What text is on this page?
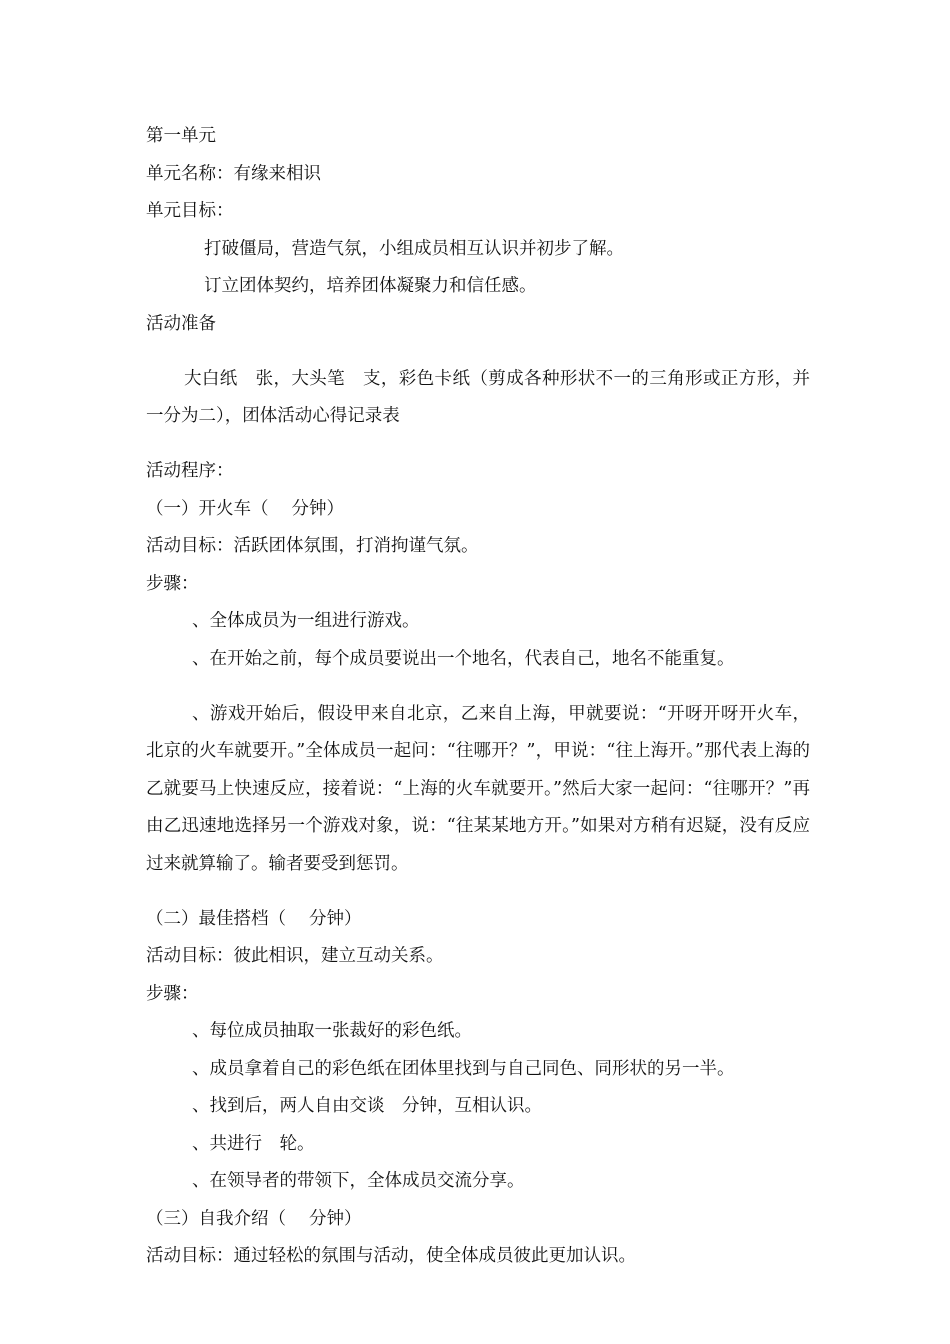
第一单元

单元名称：有缘来相识

单元目标：

打破僵局，营造气氛，小组成员相互认识并初步了解。

订立团体契约，培养团体凝聚力和信任感。

活动准备

大白纸　张，大头笔　支，彩色卡纸（剪成各种形状不一的三角形或正方形，并一分为二），团体活动心得记录表

活动程序：

（一）开火车（　 分钟）

活动目标：活跃团体氛围，打消拘谨气氛。

步骤：

、全体成员为一组进行游戏。

、在开始之前，每个成员要说出一个地名，代表自己，地名不能重复。

、游戏开始后，假设甲来自北京，乙来自上海，甲就要说：“开呀开呀开火车，北京的火车就要开。”全体成员一起问：“往哪开？”，甲说：“往上海开。”那代表上海的乙就要马上快速反应，接着说：“上海的火车就要开。”然后大家一起问：“往哪开？”再由乙迅速地选择另一个游戏对象，说：“往某某地方开。”如果对方稍有迟疑，没有反应过来就算输了。输者要受到惩罚。

（二）最佳搭档（　 分钟）

活动目标：彼此相识，建立互动关系。

步骤：

、每位成员抽取一张裁好的彩色纸。

、成员拿着自己的彩色纸在团体里找到与自己同色、同形状的另一半。

、找到后，两人自由交谈　分钟，互相认识。

、共进行　轮。

、在领导者的带领下，全体成员交流分享。

（三）自我介绍（　 分钟）

活动目标：通过轻松的氛围与活动，使全体成员彼此更加认识。
